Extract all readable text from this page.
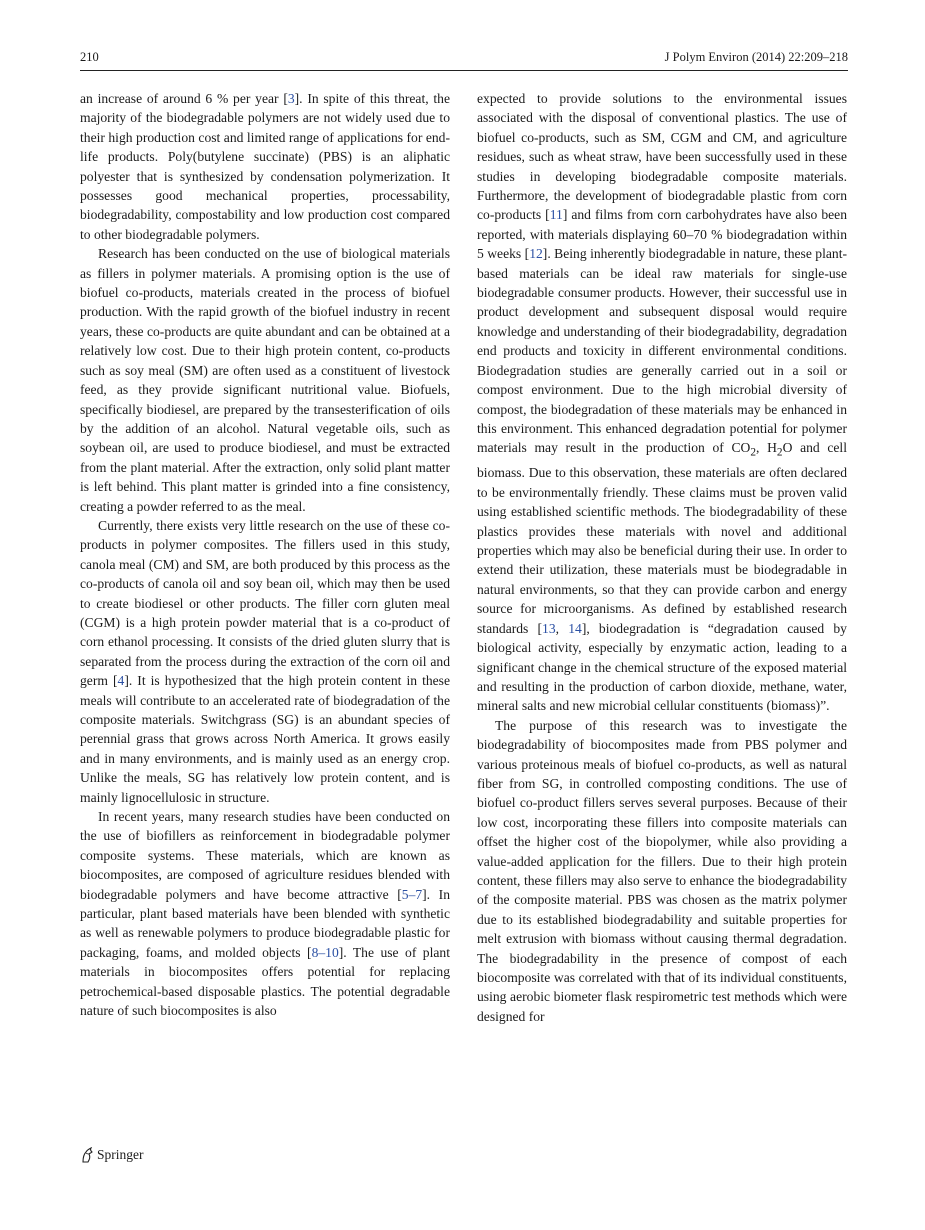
210	J Polym Environ (2014) 22:209–218

an increase of around 6 % per year [3]. In spite of this threat, the majority of the biodegradable polymers are not widely used due to their high production cost and limited range of applications for end-life products. Poly(butylene succinate) (PBS) is an aliphatic polyester that is synthesized by condensation polymerization. It possesses good mechanical properties, processability, biodegradability, compostability and low production cost compared to other biodegradable polymers.

Research has been conducted on the use of biological materials as fillers in polymer materials. A promising option is the use of biofuel co-products, materials created in the process of biofuel production. With the rapid growth of the biofuel industry in recent years, these co-products are quite abundant and can be obtained at a relatively low cost. Due to their high protein content, co-products such as soy meal (SM) are often used as a constituent of livestock feed, as they provide significant nutritional value. Biofuels, specifically biodiesel, are prepared by the transesterification of oils by the addition of an alcohol. Natural vegetable oils, such as soybean oil, are used to produce biodiesel, and must be extracted from the plant material. After the extraction, only solid plant matter is left behind. This plant matter is grinded into a fine consistency, creating a powder referred to as the meal.

Currently, there exists very little research on the use of these co-products in polymer composites. The fillers used in this study, canola meal (CM) and SM, are both produced by this process as the co-products of canola oil and soy bean oil, which may then be used to create biodiesel or other products. The filler corn gluten meal (CGM) is a high protein powder material that is a co-product of corn ethanol processing. It consists of the dried gluten slurry that is separated from the process during the extraction of the corn oil and germ [4]. It is hypothesized that the high protein content in these meals will contribute to an accelerated rate of biodegradation of the composite materials. Switchgrass (SG) is an abundant species of perennial grass that grows across North America. It grows easily and in many environments, and is mainly used as an energy crop. Unlike the meals, SG has relatively low protein content, and is mainly lignocellulosic in structure.

In recent years, many research studies have been conducted on the use of biofillers as reinforcement in biodegradable polymer composite systems. These materials, which are known as biocomposites, are composed of agriculture residues blended with biodegradable polymers and have become attractive [5–7]. In particular, plant based materials have been blended with synthetic as well as renewable polymers to produce biodegradable plastic for packaging, foams, and molded objects [8–10]. The use of plant materials in biocomposites offers potential for replacing petrochemical-based disposable plastics. The potential degradable nature of such biocomposites is also

expected to provide solutions to the environmental issues associated with the disposal of conventional plastics. The use of biofuel co-products, such as SM, CGM and CM, and agriculture residues, such as wheat straw, have been successfully used in these studies in developing biodegradable composite materials. Furthermore, the development of biodegradable plastic from corn co-products [11] and films from corn carbohydrates have also been reported, with materials displaying 60–70 % biodegradation within 5 weeks [12]. Being inherently biodegradable in nature, these plant-based materials can be ideal raw materials for single-use biodegradable consumer products. However, their successful use in product development and subsequent disposal would require knowledge and understanding of their biodegradability, degradation end products and toxicity in different environmental conditions. Biodegradation studies are generally carried out in a soil or compost environment. Due to the high microbial diversity of compost, the biodegradation of these materials may be enhanced in this environment. This enhanced degradation potential for polymer materials may result in the production of $CO_2$, $H_2O$ and cell biomass. Due to this observation, these materials are often declared to be environmentally friendly. These claims must be proven valid using established scientific methods. The biodegradability of these plastics provides these materials with novel and additional properties which may also be beneficial during their use. In order to extend their utilization, these materials must be biodegradable in natural environments, so that they can provide carbon and energy source for microorganisms. As defined by established research standards [13, 14], biodegradation is “degradation caused by biological activity, especially by enzymatic action, leading to a significant change in the chemical structure of the exposed material and resulting in the production of carbon dioxide, methane, water, mineral salts and new microbial cellular constituents (biomass)”.

The purpose of this research was to investigate the biodegradability of biocomposites made from PBS polymer and various proteinous meals of biofuel co-products, as well as natural fiber from SG, in controlled composting conditions. The use of biofuel co-product fillers serves several purposes. Because of their low cost, incorporating these fillers into composite materials can offset the higher cost of the biopolymer, while also providing a value-added application for the fillers. Due to their high protein content, these fillers may also serve to enhance the biodegradability of the composite material. PBS was chosen as the matrix polymer due to its established biodegradability and suitable properties for melt extrusion with biomass without causing thermal degradation. The biodegradability in the presence of compost of each biocomposite was correlated with that of its individual constituents, using aerobic biometer flask respirometric test methods which were designed for

Springer
